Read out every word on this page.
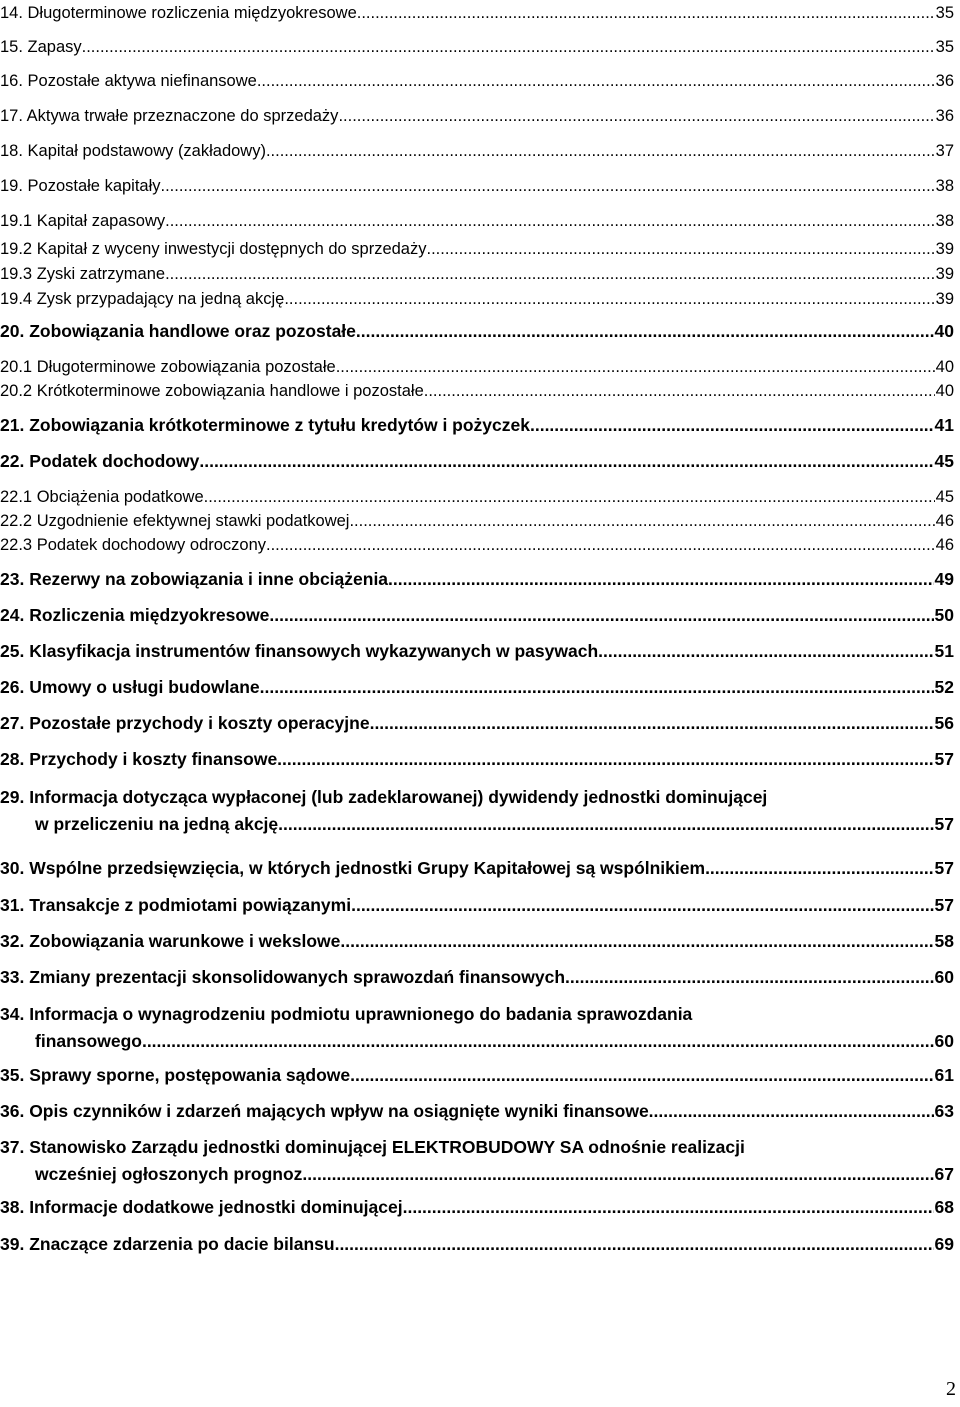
14. Długoterminowe rozliczenia międzyokresowe .....	35
15. Zapasy .....	35
16. Pozostałe aktywa niefinansowe .....	36
17. Aktywa trwałe przeznaczone do sprzedaży .....	36
18. Kapitał podstawowy (zakładowy) .....	37
19. Pozostałe kapitały .....	38
19.1 Kapitał zapasowy .....	38
19.2 Kapitał z wyceny inwestycji dostępnych do sprzedaży .....	39
19.3 Zyski zatrzymane .....	39
19.4 Zysk przypadający na jedną akcję .....	39
20. Zobowiązania handlowe oraz pozostałe .....	40
20.1 Długoterminowe zobowiązania pozostałe .....	40
20.2 Krótkoterminowe zobowiązania handlowe i pozostałe .....	40
21. Zobowiązania krótkoterminowe z tytułu kredytów i pożyczek .....	41
22. Podatek dochodowy .....	45
22.1 Obciążenia podatkowe .....	45
22.2 Uzgodnienie efektywnej stawki podatkowej .....	46
22.3 Podatek dochodowy odroczony .....	46
23. Rezerwy na zobowiązania i inne obciążenia .....	49
24. Rozliczenia międzyokresowe .....	50
25. Klasyfikacja instrumentów finansowych wykazywanych w pasywach .....	51
26. Umowy o usługi budowlane .....	52
27. Pozostałe przychody i koszty operacyjne .....	56
28. Przychody i koszty finansowe .....	57
29. Informacja dotycząca wypłaconej (lub zadeklarowanej) dywidendy jednostki dominującej
w przeliczeniu na jedną akcję .....	57
30. Wspólne przedsięwzięcia, w których jednostki Grupy Kapitałowej są wspólnikiem .....	57
31. Transakcje z podmiotami powiązanymi .....	57
32. Zobowiązania warunkowe i wekslowe .....	58
33. Zmiany prezentacji skonsolidowanych sprawozdań finansowych .....	60
34. Informacja o wynagrodzeniu podmiotu uprawnionego do badania sprawozdania
finansowego .....	60
35. Sprawy sporne, postępowania sądowe .....	61
36. Opis czynników i zdarzeń mających wpływ na osiągnięte wyniki finansowe .....	63
37. Stanowisko Zarządu jednostki dominującej ELEKTROBUDOWY SA odnośnie realizacji
wcześniej ogłoszonych prognoz .....	67
38. Informacje dodatkowe jednostki dominującej .....	68
39. Znaczące zdarzenia po dacie bilansu .....	69
2
